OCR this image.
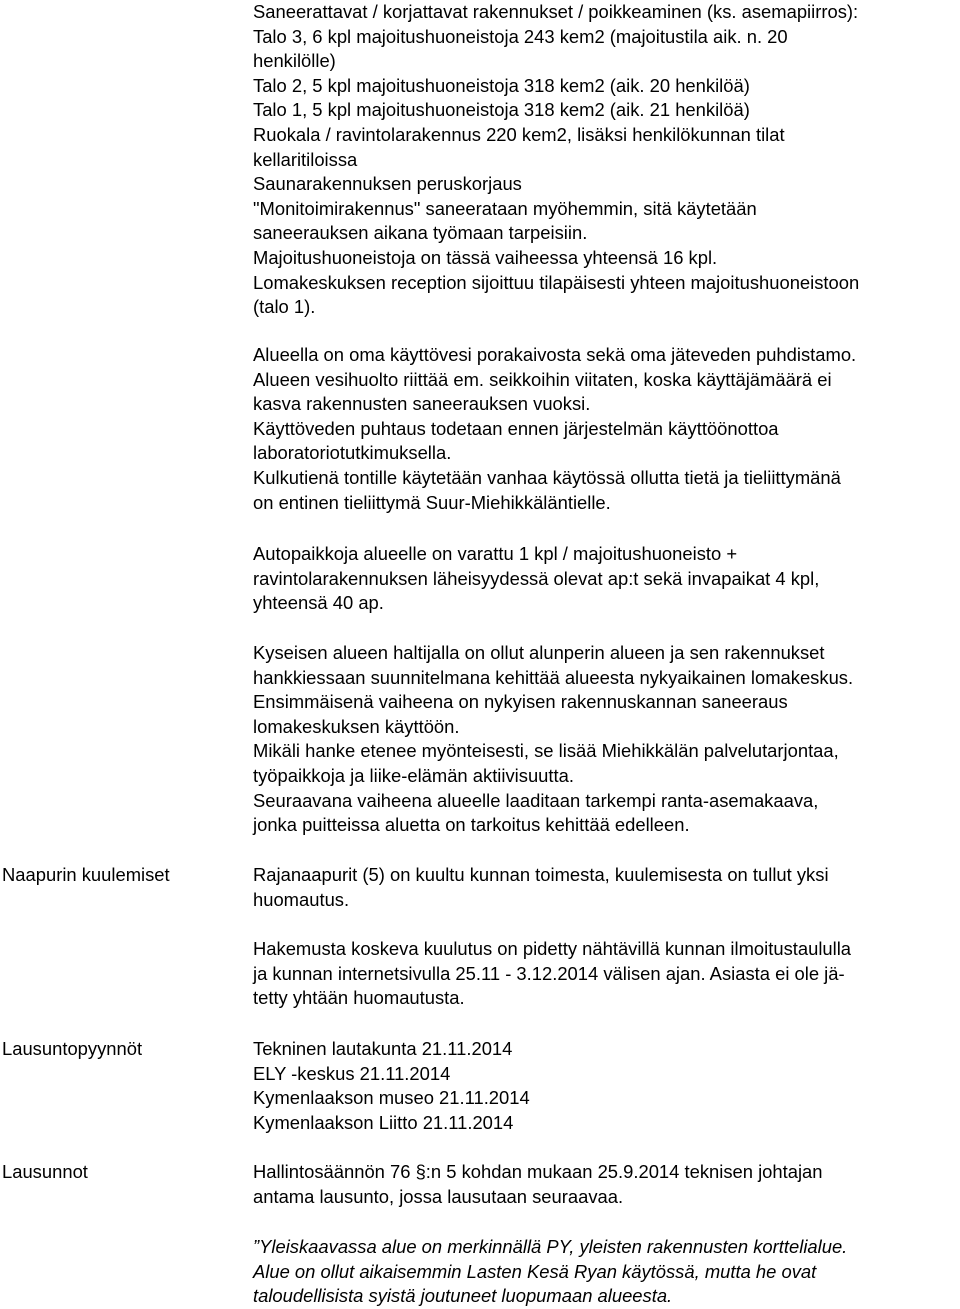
Saneerattavat / korjattavat rakennukset / poikkeaminen (ks. asemapiirros):
Talo 3, 6 kpl majoitushuoneistoja 243 kem2 (majoitustila aik. n. 20
henkilölle)
Talo 2, 5 kpl majoitushuoneistoja 318 kem2 (aik. 20 henkilöä)
Talo 1, 5 kpl majoitushuoneistoja 318 kem2 (aik. 21 henkilöä)
Ruokala / ravintolarakennus 220 kem2, lisäksi henkilökunnan tilat
kellaritiloissa
Saunarakennuksen peruskorjaus
"Monitoimirakennus" saneerataan myöhemmin, sitä käytetään
saneerauksen aikana työmaan tarpeisiin.
Majoitushuoneistoja on tässä vaiheessa yhteensä 16 kpl.
Lomakeskuksen reception sijoittuu tilapäisesti yhteen majoitushuoneistoon
(talo 1).
Alueella on oma käyttövesi porakaivosta sekä oma jäteveden puhdistamo.
Alueen vesihuolto riittää em. seikkoihin viitaten, koska käyttäjämäärä ei
kasva rakennusten saneerauksen vuoksi.
Käyttöveden puhtaus todetaan ennen järjestelmän käyttöönottoa
laboratoriotutkimuksella.
Kulkutienä tontille käytetään vanhaa käytössä ollutta tietä ja tieliittymänä
on entinen tieliittymä Suur-Miehikkäläntielle.
Autopaikkoja alueelle on varattu 1 kpl / majoitushuoneisto +
ravintolarakennuksen läheisyydessä olevat ap:t sekä invapaikat 4 kpl,
yhteensä 40 ap.
Kyseisen alueen haltijalla on ollut alunperin alueen ja sen rakennukset
hankkiessaan suunnitelmana kehittää alueesta nykyaikainen lomakeskus.
Ensimmäisenä vaiheena on nykyisen rakennuskannan saneeraus
lomakeskuksen käyttöön.
Mikäli hanke etenee myönteisesti, se lisää Miehikkälän palvelutarjontaa,
työpaikkoja ja liike-elämän aktiivisuutta.
Seuraavana vaiheena alueelle laaditaan tarkempi ranta-asemakaava,
jonka puitteissa aluetta on tarkoitus kehittää edelleen.
Naapurin kuulemiset	Rajanaapurit (5) on kuultu kunnan toimesta, kuulemisesta on tullut yksi
huomautus.
Hakemusta koskeva kuulutus on pidetty nähtävillä kunnan ilmoitustaululla
ja kunnan internetsivulla 25.11 - 3.12.2014 välisen ajan. Asiasta ei ole jä-
tetty yhtään huomautusta.
Lausuntopyynnöt	Tekninen lautakunta 21.11.2014
ELY -keskus 21.11.2014
Kymenlaakson museo 21.11.2014
Kymenlaakson Liitto 21.11.2014
Lausunnot	Hallintosäännön 76 §:n 5 kohdan mukaan 25.9.2014 teknisen johtajan
antama lausunto, jossa lausutaan seuraavaa.
”Yleiskaavassa alue on merkinnällä PY, yleisten rakennusten korttelialue.
Alue on ollut aikaisemmin Lasten Kesä Ryan käytössä, mutta he ovat
taloudellisista syistä joutuneet luopumaan alueesta.
